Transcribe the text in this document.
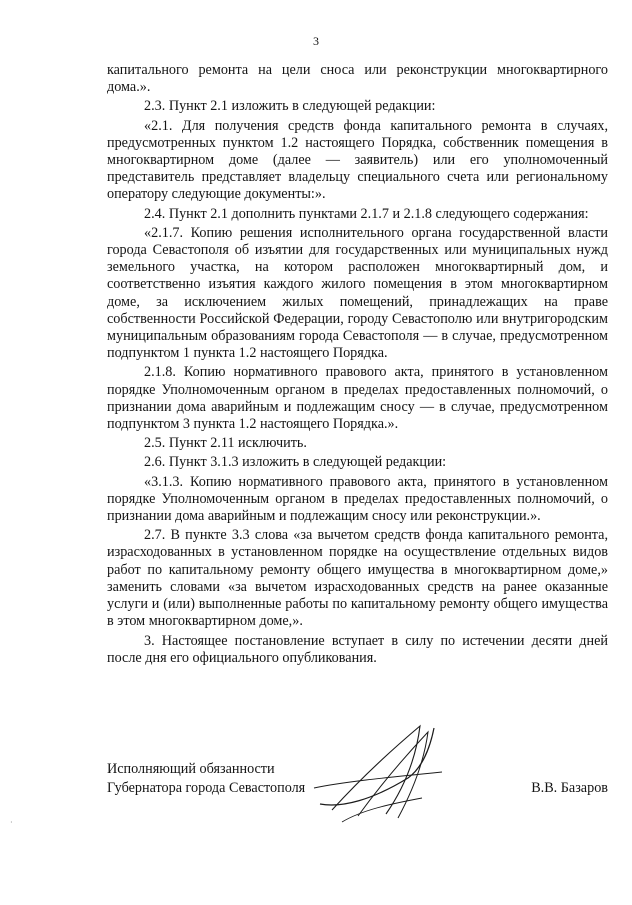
3

капитального ремонта на цели сноса или реконструкции многоквартирного дома.».

2.3. Пункт 2.1 изложить в следующей редакции:

«2.1. Для получения средств фонда капитального ремонта в случаях, предусмотренных пунктом 1.2 настоящего Порядка, собственник помещения в многоквартирном доме (далее — заявитель) или его уполномоченный представитель представляет владельцу специального счета или региональному оператору следующие документы:».

2.4. Пункт 2.1 дополнить пунктами 2.1.7 и 2.1.8 следующего содержания:

«2.1.7. Копию решения исполнительного органа государственной власти города Севастополя об изъятии для государственных или муниципальных нужд земельного участка, на котором расположен многоквартирный дом, и соответственно изъятия каждого жилого помещения в этом многоквартирном доме, за исключением жилых помещений, принадлежащих на праве собственности Российской Федерации, городу Севастополю или внутригородским муниципальным образованиям города Севастополя — в случае, предусмотренном подпунктом 1 пункта 1.2 настоящего Порядка.

2.1.8. Копию нормативного правового акта, принятого в установленном порядке Уполномоченным органом в пределах предоставленных полномочий, о признании дома аварийным и подлежащим сносу — в случае, предусмотренном подпунктом 3 пункта 1.2 настоящего Порядка.».

2.5. Пункт 2.11 исключить.

2.6. Пункт 3.1.3 изложить в следующей редакции:

«3.1.3. Копию нормативного правового акта, принятого в установленном порядке Уполномоченным органом в пределах предоставленных полномочий, о признании дома аварийным и подлежащим сносу или реконструкции.».

2.7. В пункте 3.3 слова «за вычетом средств фонда капитального ремонта, израсходованных в установленном порядке на осуществление отдельных видов работ по капитальному ремонту общего имущества в многоквартирном доме,» заменить словами «за вычетом израсходованных средств на ранее оказанные услуги и (или) выполненные работы по капитальному ремонту общего имущества в этом многоквартирном доме,».

3. Настоящее постановление вступает в силу по истечении десяти дней после дня его официального опубликования.

Исполняющий обязанности
Губернатора города Севастополя	В.В. Базаров
·
